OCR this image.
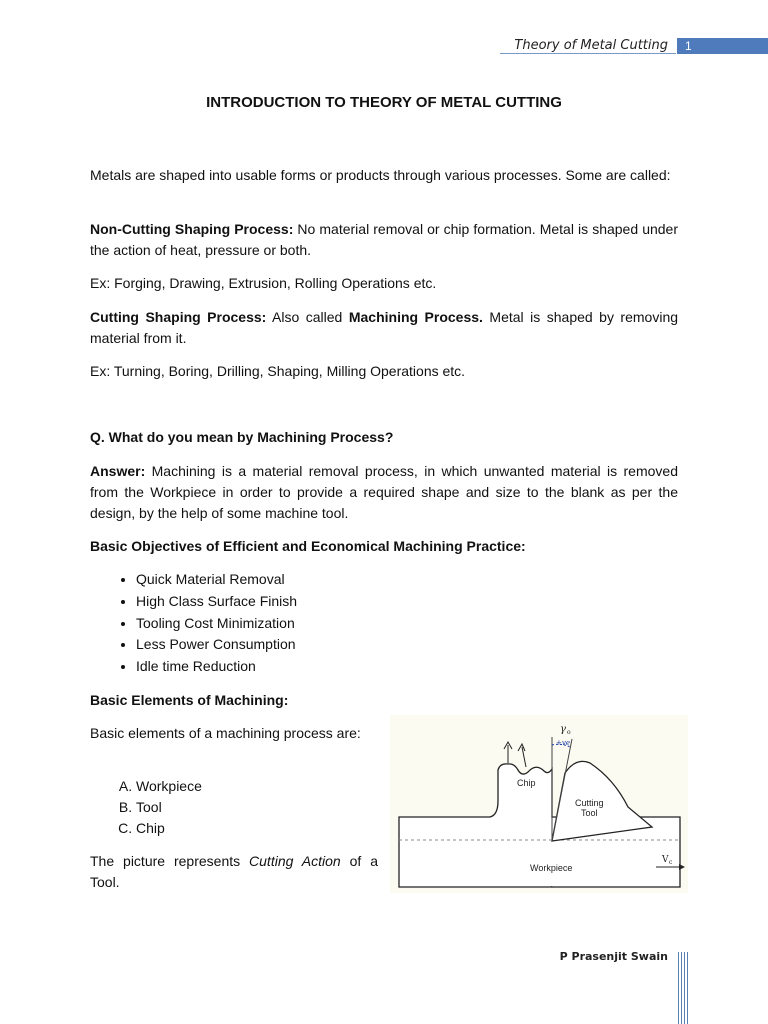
Theory of Metal Cutting	1
INTRODUCTION TO THEORY OF METAL CUTTING

Metals are shaped into usable forms or products through various processes. Some are called:

Non-Cutting Shaping Process: No material removal or chip formation. Metal is shaped under the action of heat, pressure or both.

Ex: Forging, Drawing, Extrusion, Rolling Operations etc.

Cutting Shaping Process: Also called Machining Process. Metal is shaped by removing material from it.

Ex: Turning, Boring, Drilling, Shaping, Milling Operations etc.

Q. What do you mean by Machining Process?

Answer: Machining is a material removal process, in which unwanted material is removed from the Workpiece in order to provide a required shape and size to the blank as per the design, by the help of some machine tool.

Basic Objectives of Efficient and Economical Machining Practice:

• Quick Material Removal
• High Class Surface Finish
• Tooling Cost Minimization
• Less Power Consumption
• Idle time Reduction

Basic Elements of Machining:

Basic elements of a machining process are:

A. Workpiece
B. Tool
C. Chip

The picture represents Cutting Action of a Tool.

Chip
Cutting
Tool
Workpiece
γ o
+ve
V c
P Prasenjit Swain
